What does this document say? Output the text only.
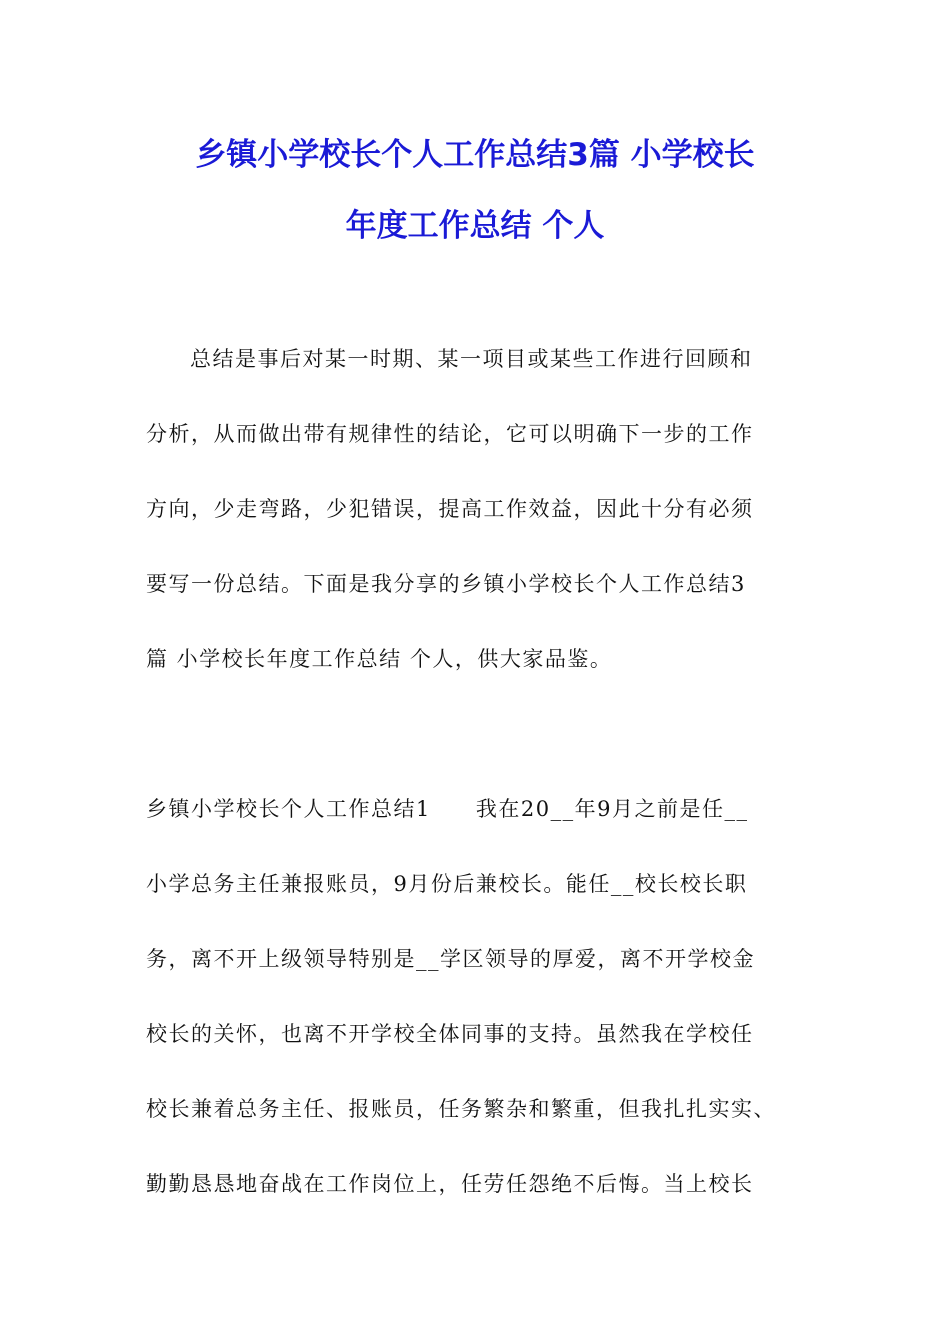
乡镇小学校长个人工作总结3篇 小学校长
年度工作总结 个人
总结是事后对某一时期、某一项目或某些工作进行回顾和
分析，从而做出带有规律性的结论，它可以明确下一步的工作
方向，少走弯路，少犯错误，提高工作效益，因此十分有必须
要写一份总结。下面是我分享的乡镇小学校长个人工作总结3
篇 小学校长年度工作总结 个人，供大家品鉴。
乡镇小学校长个人工作总结1　　我在20__年9月之前是任__
小学总务主任兼报账员，9月份后兼校长。能任__校长校长职
务，离不开上级领导特别是__学区领导的厚爱，离不开学校金
校长的关怀，也离不开学校全体同事的支持。虽然我在学校任
校长兼着总务主任、报账员，任务繁杂和繁重，但我扎扎实实、
勤勤恳恳地奋战在工作岗位上，任劳任怨绝不后悔。当上校长
